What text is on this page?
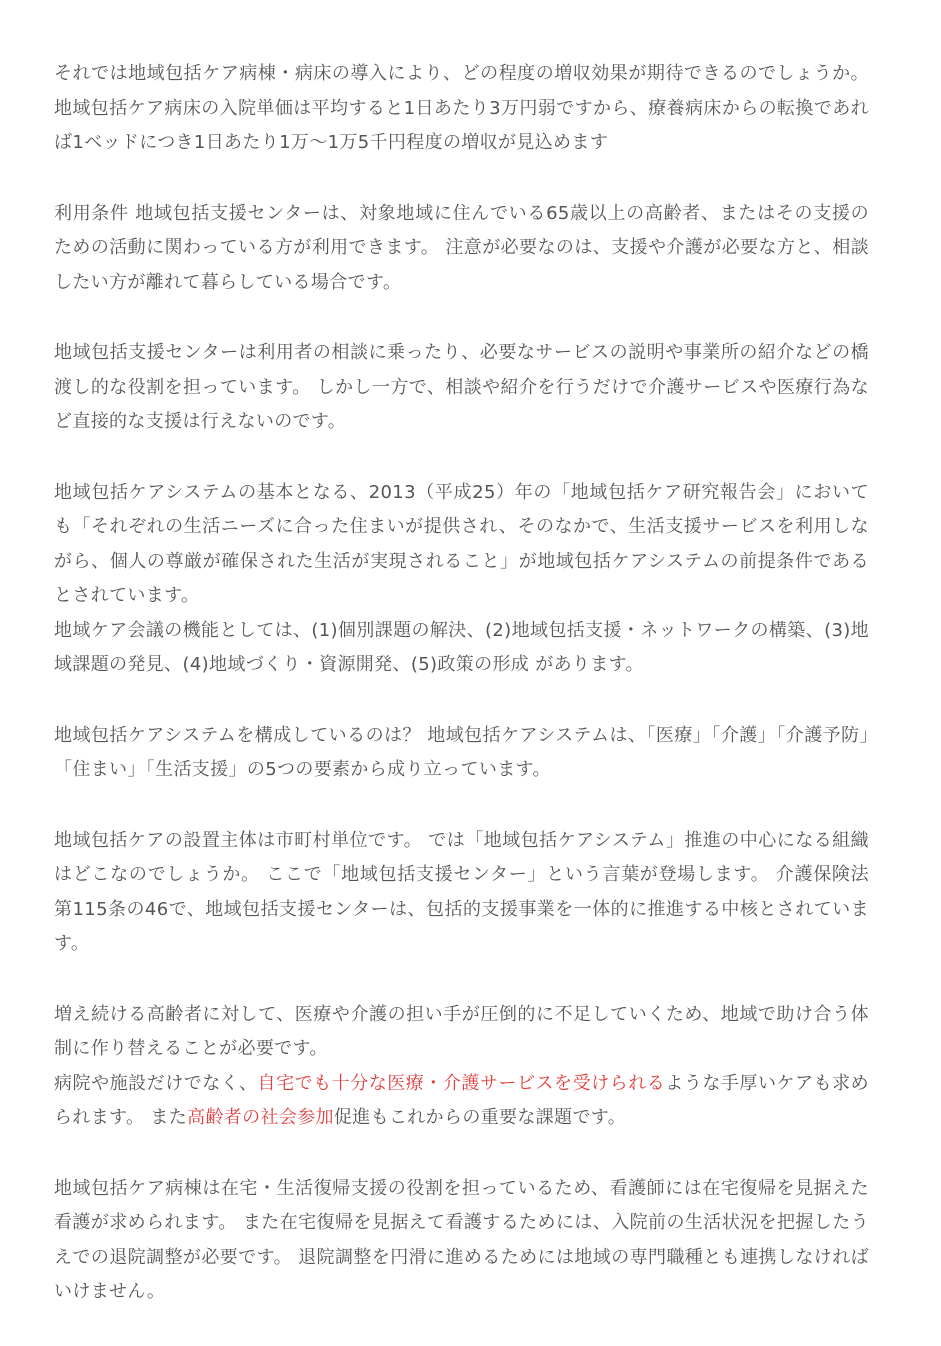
それでは地域包括ケア病棟・病床の導入により、どの程度の増収効果が期待できるのでしょうか。 地域包括ケア病床の入院単価は平均すると1日あたり3万円弱ですから、療養病床からの転換であれば1ベッドにつき1日あたり1万～1万5千円程度の増収が見込めます

利用条件 地域包括支援センターは、対象地域に住んでいる65歳以上の高齢者、またはその支援のための活動に関わっている方が利用できます。 注意が必要なのは、支援や介護が必要な方と、相談したい方が離れて暮らしている場合です。

地域包括支援センターは利用者の相談に乗ったり、必要なサービスの説明や事業所の紹介などの橋渡し的な役割を担っています。 しかし一方で、相談や紹介を行うだけで介護サービスや医療行為など直接的な支援は行えないのです。

地域包括ケアシステムの基本となる、2013（平成25）年の「地域包括ケア研究報告会」においても「それぞれの生活ニーズに合った住まいが提供され、そのなかで、生活支援サービスを利用しながら、個人の尊厳が確保された生活が実現されること」が地域包括ケアシステムの前提条件であるとされています。
地域ケア会議の機能としては、(1)個別課題の解決、(2)地域包括支援・ネットワークの構築、(3)地域課題の発見、(4)地域づくり・資源開発、(5)政策の形成 があります。

地域包括ケアシステムを構成しているのは？ 地域包括ケアシステムは、「医療」「介護」「介護予防」「住まい」「生活支援」の5つの要素から成り立っています。

地域包括ケアの設置主体は市町村単位です。 では「地域包括ケアシステム」推進の中心になる組織はどこなのでしょうか。 ここで「地域包括支援センター」という言葉が登場します。 介護保険法第115条の46で、地域包括支援センターは、包括的支援事業を一体的に推進する中核とされています。

増え続ける高齢者に対して、医療や介護の担い手が圧倒的に不足していくため、地域で助け合う体制に作り替えることが必要です。
病院や施設だけでなく、自宅でも十分な医療・介護サービスを受けられるような手厚いケアも求められます。 また高齢者の社会参加促進もこれからの重要な課題です。

地域包括ケア病棟は在宅・生活復帰支援の役割を担っているため、看護師には在宅復帰を見据えた看護が求められます。 また在宅復帰を見据えて看護するためには、入院前の生活状況を把握したうえでの退院調整が必要です。 退院調整を円滑に進めるためには地域の専門職種とも連携しなければいけません。
